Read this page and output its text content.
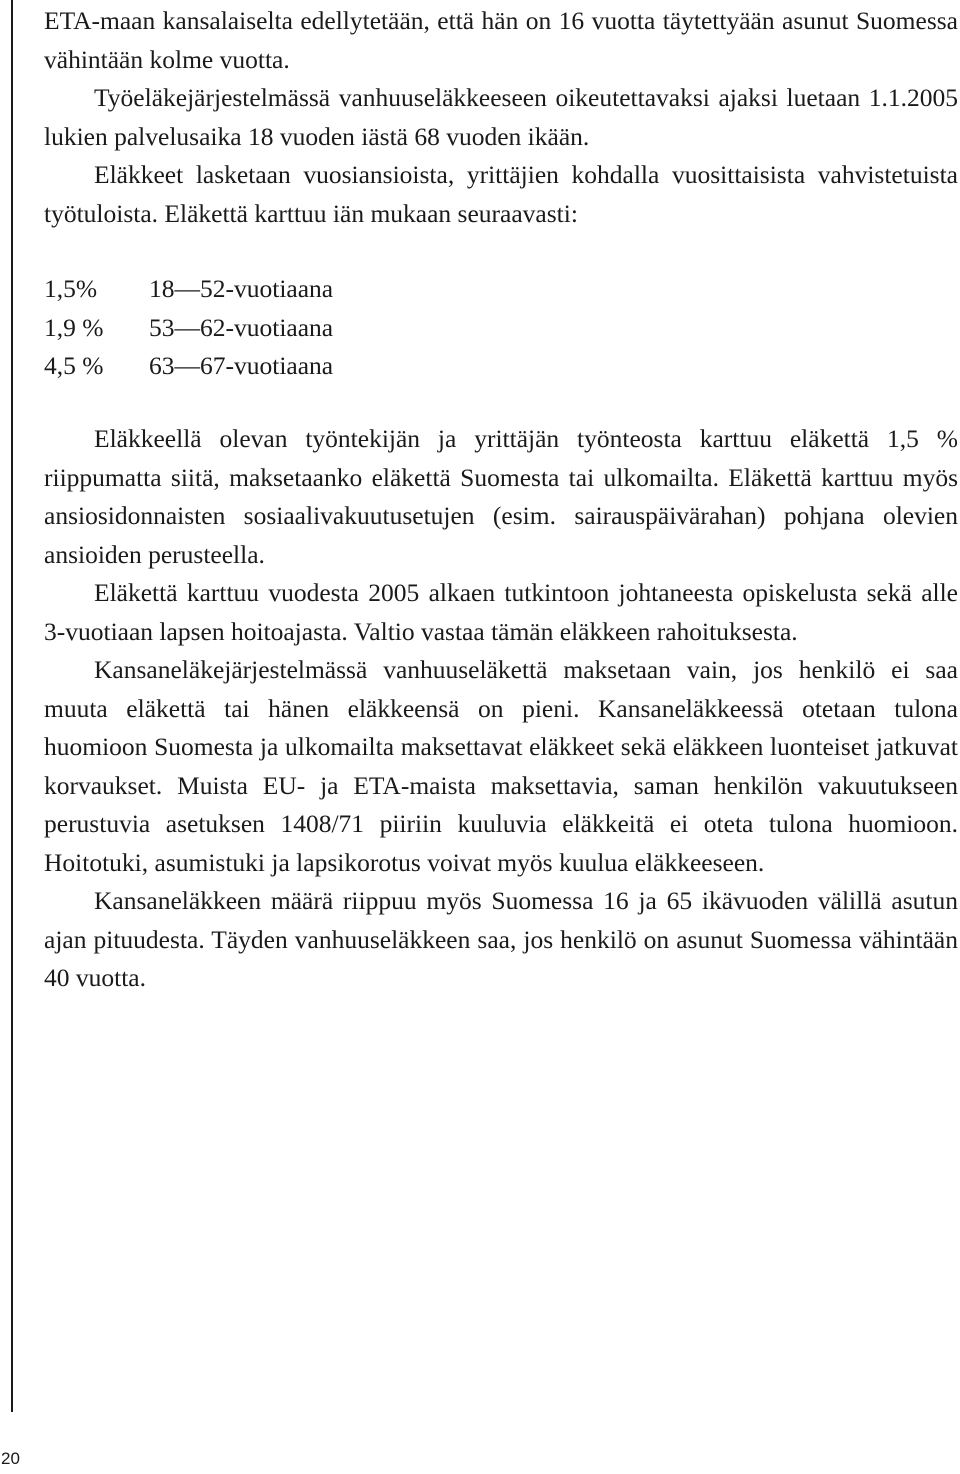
ETA-maan kansalaiselta edellytetään, että hän on 16 vuotta täytettyään asunut Suomessa vähintään kolme vuotta.

Työeläkejärjestelmässä vanhuuseläkkeeseen oikeutettavaksi ajaksi luetaan 1.1.2005 lukien palvelusaika 18 vuoden iästä 68 vuoden ikään.

Eläkkeet lasketaan vuosiansioista, yrittäjien kohdalla vuosittaisista vahvistetuista työtuloista. Eläkettä karttuu iän mukaan seuraavasti:

1,5%	18—52-vuotiaana
1,9 %	53—62-vuotiaana
4,5 %	63—67-vuotiaana

Eläkkeellä olevan työntekijän ja yrittäjän työnteosta karttuu eläkettä 1,5 % riippumatta siitä, maksetaanko eläkettä Suomesta tai ulkomailta. Eläkettä karttuu myös ansiosidonnaisten sosiaalivakuutusetujen (esim. sairauspäivärahan) pohjana olevien ansioiden perusteella.

Eläkettä karttuu vuodesta 2005 alkaen tutkintoon johtaneesta opiskelusta sekä alle 3-vuotiaan lapsen hoitoajasta. Valtio vastaa tämän eläkkeen rahoituksesta.

Kansaneläkejärjestelmässä vanhuuseläkettä maksetaan vain, jos henkilö ei saa muuta eläkettä tai hänen eläkkeensä on pieni. Kansaneläkkeessä otetaan tulona huomioon Suomesta ja ulkomailta maksettavat eläkkeet sekä eläkkeen luonteiset jatkuvat korvaukset. Muista EU- ja ETA-maista maksettavia, saman henkilön vakuutukseen perustuvia asetuksen 1408/71 piiriin kuuluvia eläkkeitä ei oteta tulona huomioon. Hoitotuki, asumistuki ja lapsikorotus voivat myös kuulua eläkkeeseen.

Kansaneläkkeen määrä riippuu myös Suomessa 16 ja 65 ikävuoden välillä asutun ajan pituudesta. Täyden vanhuuseläkkeen saa, jos henkilö on asunut Suomessa vähintään 40 vuotta.

20
